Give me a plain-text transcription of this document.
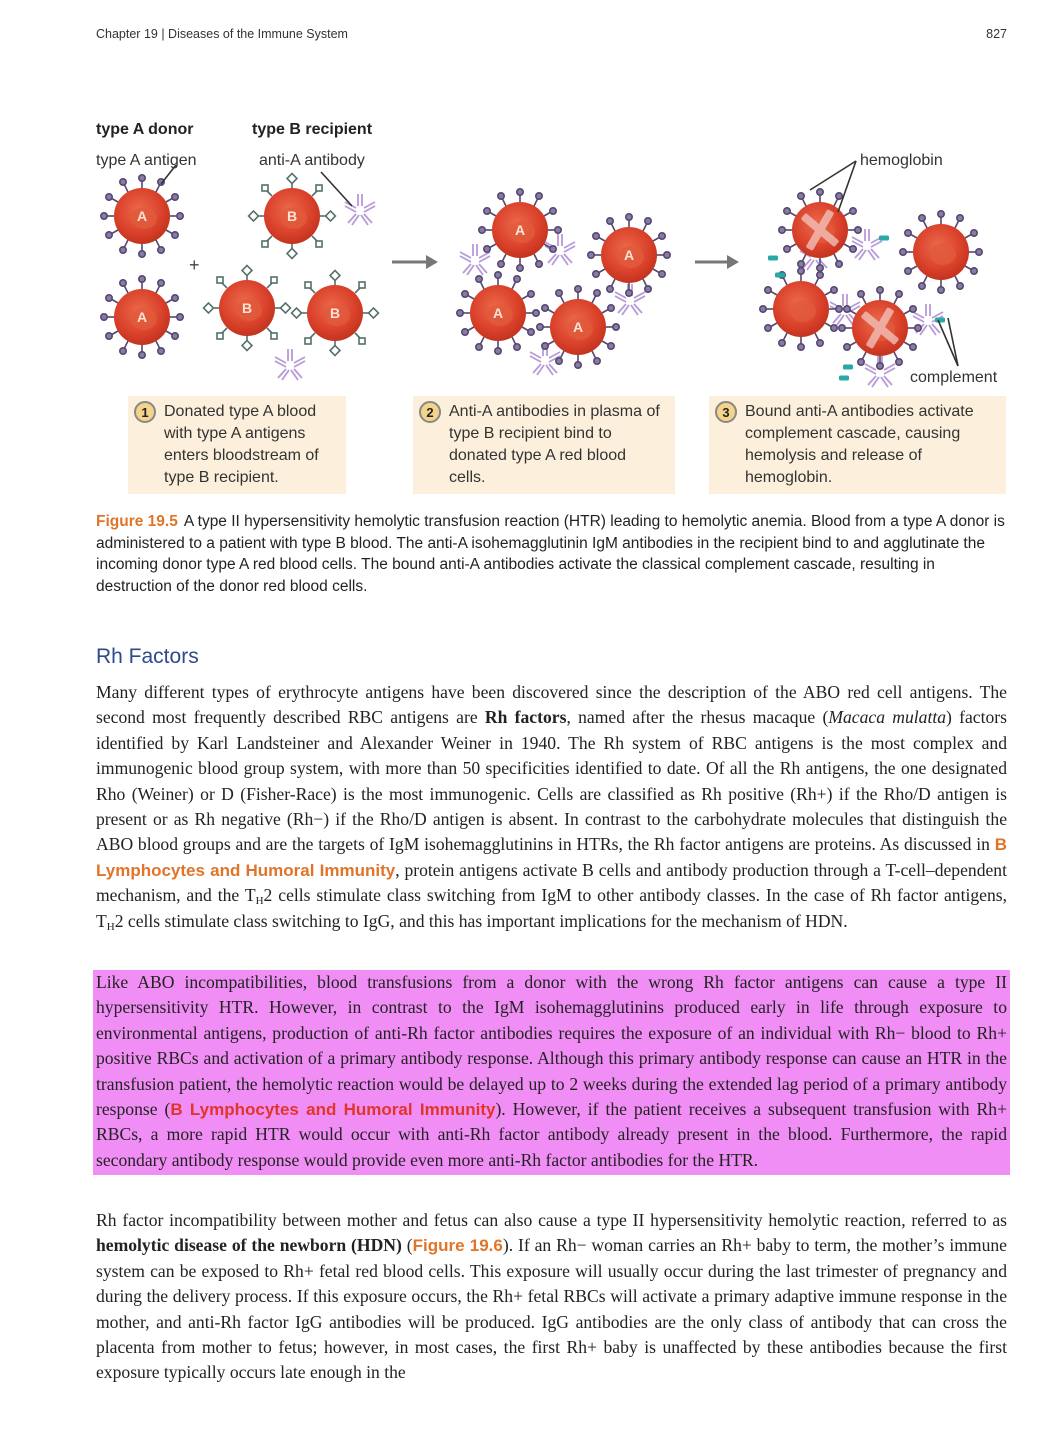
Chapter 19 | Diseases of the Immune System	827
+
A
A
B
B	B
A
A
A
A
type A donor	type B recipient
type A antigen	anti-A antibody	hemoglobin
complement
1 Donated type A blood with type A antigens enters bloodstream of type B recipient.
2 Anti-A antibodies in plasma of type B recipient bind to donated type A red blood cells.
3 Bound anti-A antibodies activate complement cascade, causing hemolysis and release of hemoglobin.
Figure 19.5 A type II hypersensitivity hemolytic transfusion reaction (HTR) leading to hemolytic anemia. Blood from a type A donor is administered to a patient with type B blood. The anti-A isohemagglutinin IgM antibodies in the recipient bind to and agglutinate the incoming donor type A red blood cells. The bound anti-A antibodies activate the classical complement cascade, resulting in destruction of the donor red blood cells.
Rh Factors
Many different types of erythrocyte antigens have been discovered since the description of the ABO red cell antigens. The second most frequently described RBC antigens are Rh factors, named after the rhesus macaque (Macaca mulatta) factors identified by Karl Landsteiner and Alexander Weiner in 1940. The Rh system of RBC antigens is the most complex and immunogenic blood group system, with more than 50 specificities identified to date. Of all the Rh antigens, the one designated Rho (Weiner) or D (Fisher-Race) is the most immunogenic. Cells are classified as Rh positive (Rh+) if the Rho/D antigen is present or as Rh negative (Rh−) if the Rho/D antigen is absent. In contrast to the carbohydrate molecules that distinguish the ABO blood groups and are the targets of IgM isohemagglutinins in HTRs, the Rh factor antigens are proteins. As discussed in B Lymphocytes and Humoral Immunity, protein antigens activate B cells and antibody production through a T-cell–dependent mechanism, and the $T_H2$ cells stimulate class switching from IgM to other antibody classes. In the case of Rh factor antigens, $T_H2$ cells stimulate class switching to IgG, and this has important implications for the mechanism of HDN.
Like ABO incompatibilities, blood transfusions from a donor with the wrong Rh factor antigens can cause a type II hypersensitivity HTR. However, in contrast to the IgM isohemagglutinins produced early in life through exposure to environmental antigens, production of anti-Rh factor antibodies requires the exposure of an individual with Rh− blood to Rh+ positive RBCs and activation of a primary antibody response. Although this primary antibody response can cause an HTR in the transfusion patient, the hemolytic reaction would be delayed up to 2 weeks during the extended lag period of a primary antibody response (B Lymphocytes and Humoral Immunity). However, if the patient receives a subsequent transfusion with Rh+ RBCs, a more rapid HTR would occur with anti-Rh factor antibody already present in the blood. Furthermore, the rapid secondary antibody response would provide even more anti-Rh factor antibodies for the HTR.
Rh factor incompatibility between mother and fetus can also cause a type II hypersensitivity hemolytic reaction, referred to as hemolytic disease of the newborn (HDN) (Figure 19.6). If an Rh− woman carries an Rh+ baby to term, the mother’s immune system can be exposed to Rh+ fetal red blood cells. This exposure will usually occur during the last trimester of pregnancy and during the delivery process. If this exposure occurs, the Rh+ fetal RBCs will activate a primary adaptive immune response in the mother, and anti-Rh factor IgG antibodies will be produced. IgG antibodies are the only class of antibody that can cross the placenta from mother to fetus; however, in most cases, the first Rh+ baby is unaffected by these antibodies because the first exposure typically occurs late enough in the
